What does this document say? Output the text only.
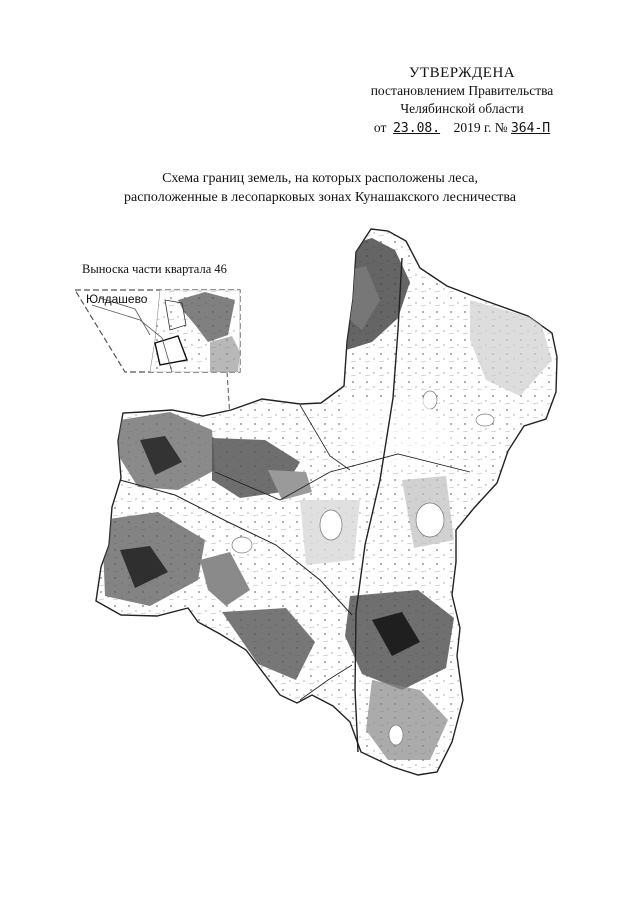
УТВЕРЖДЕНА
постановлением Правительства
Челябинской области
от 23.08. 2019 г. № 364-П
Схема границ земель, на которых расположены леса,
расположенные в лесопарковых зонах Кунашакского лесничества
Выноска части квартала 46
Юлдашево
